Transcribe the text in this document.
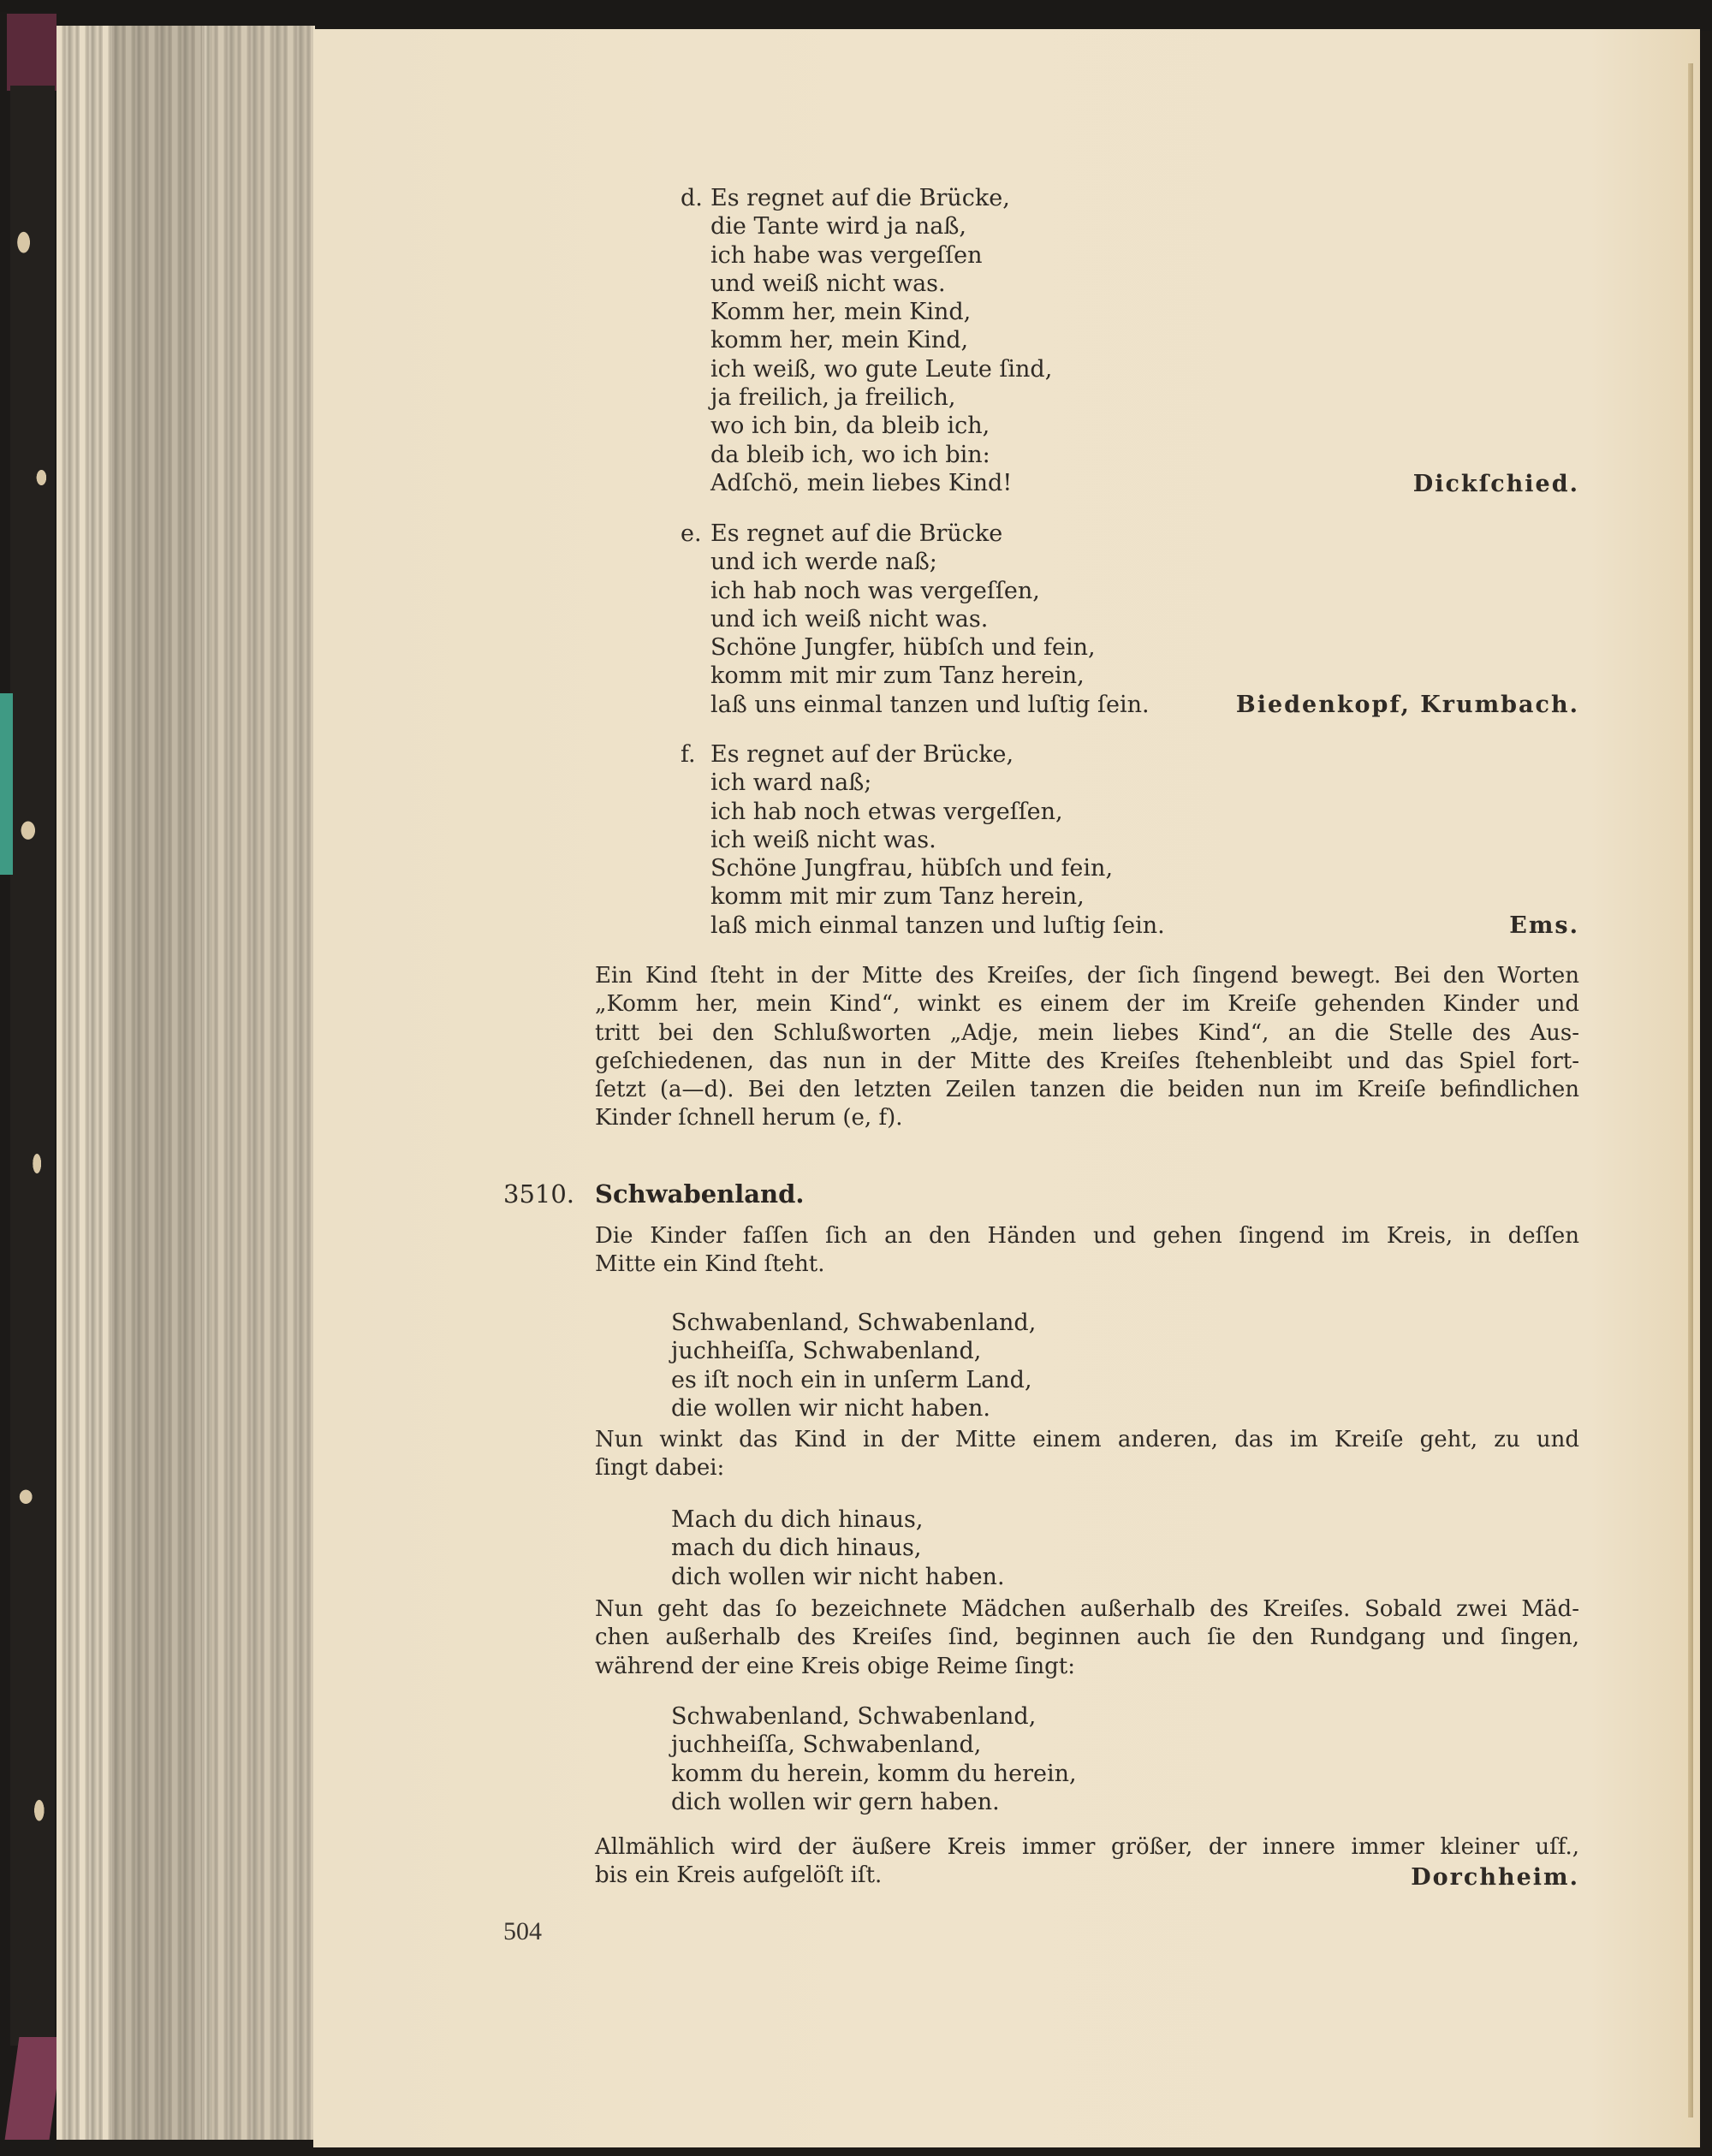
d. Es regnet auf die Brücke,
die Tante wird ja naß,
ich habe was vergeſſen
und weiß nicht was.
Komm her, mein Kind,
komm her, mein Kind,
ich weiß, wo gute Leute ſind,
ja freilich, ja freilich,
wo ich bin, da bleib ich,
da bleib ich, wo ich bin:
Adſchö, mein liebes Kind!	Dickſchied.
e. Es regnet auf die Brücke
und ich werde naß;
ich hab noch was vergeſſen,
und ich weiß nicht was.
Schöne Jungfer, hübſch und fein,
komm mit mir zum Tanz herein,
laß uns einmal tanzen und luſtig ſein.	Biedenkopf, Krumbach.
f. Es regnet auf der Brücke,
ich ward naß;
ich hab noch etwas vergeſſen,
ich weiß nicht was.
Schöne Jungfrau, hübſch und fein,
komm mit mir zum Tanz herein,
laß mich einmal tanzen und luſtig ſein.	Ems.
Ein Kind ſteht in der Mitte des Kreiſes, der ſich ſingend bewegt. Bei den Worten
„Komm her, mein Kind“, winkt es einem der im Kreiſe gehenden Kinder und
tritt bei den Schlußworten „Adje, mein liebes Kind“, an die Stelle des Aus-
geſchiedenen, das nun in der Mitte des Kreiſes ſtehenbleibt und das Spiel fort-
ſetzt (a—d). Bei den letzten Zeilen tanzen die beiden nun im Kreiſe befindlichen
Kinder ſchnell herum (e, f).
3510. Schwabenland.
Die Kinder faſſen ſich an den Händen und gehen ſingend im Kreis, in deſſen
Mitte ein Kind ſteht.
Schwabenland, Schwabenland,
juchheiſſa, Schwabenland,
es iſt noch ein in unſerm Land,
die wollen wir nicht haben.
Nun winkt das Kind in der Mitte einem anderen, das im Kreiſe geht, zu und
ſingt dabei:
Mach du dich hinaus,
mach du dich hinaus,
dich wollen wir nicht haben.
Nun geht das ſo bezeichnete Mädchen außerhalb des Kreiſes. Sobald zwei Mäd-
chen außerhalb des Kreiſes ſind, beginnen auch ſie den Rundgang und ſingen,
während der eine Kreis obige Reime ſingt:
Schwabenland, Schwabenland,
juchheiſſa, Schwabenland,
komm du herein, komm du herein,
dich wollen wir gern haben.
Allmählich wird der äußere Kreis immer größer, der innere immer kleiner uſf.,
bis ein Kreis aufgelöſt iſt.	Dorchheim.
504
